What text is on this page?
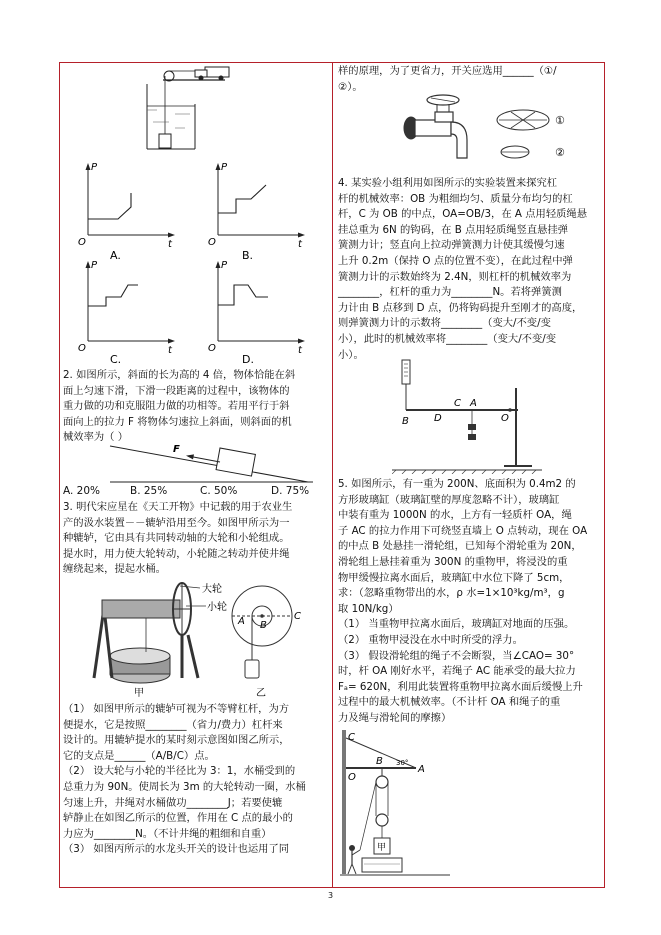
P
t
O
P
t
O
A.	B.
P
t
O
P
t
O
C.	D.

2. 如图所示，斜面的长为高的 4 倍，物体恰能在斜

面上匀速下滑，下滑一段距离的过程中，该物体的

重力做的功和克服阻力做的功相等。若用平行于斜

面向上的拉力 F 将物体匀速拉上斜面，则斜面的机

械效率为（ ）

F
A. 20%	B. 25%	C. 50%	D. 75%

3. 明代宋应星在《天工开物》中记载的用于农业生

产的汲水装置－－辘轳沿用至今。如图甲所示为一

种辘轳，它由具有共同转动轴的大轮和小轮组成。

提水时，用力使大轮转动，小轮随之转动并使井绳

缠绕起来，提起水桶。

甲
大轮
小轮
A B
C
乙

（1） 如图甲所示的辘轳可视为不等臂杠杆，为方

便提水，它是按照________（省力/费力）杠杆来

设计的。用辘轳提水的某时刻示意图如图乙所示，

它的支点是______（A/B/C）点。

（2） 设大轮与小轮的半径比为 3：1，水桶受到的

总重力为 90N。使周长为 3m 的大轮转动一圈，水桶

匀速上升，井绳对水桶做功________J；若要使辘

轳静止在如图乙所示的位置，作用在 C 点的最小的

力应为________N。（不计井绳的粗细和自重）

（3） 如图丙所示的水龙头开关的设计也运用了同

样的原理，为了更省力，开关应选用______（①/

②）。

①
②

4. 某实验小组利用如图所示的实验装置来探究杠

杆的机械效率：OB 为粗细均匀、质量分布均匀的杠

杆，C 为 OB 的中点，OA=OB/3，在 A 点用轻质绳悬

挂总重为 6N 的钩码，在 B 点用轻质绳竖直悬挂弹

簧测力计；竖直向上拉动弹簧测力计使其缓慢匀速

上升 0.2m（保持 O 点的位置不变），在此过程中弹

簧测力计的示数始终为 2.4N，则杠杆的机械效率为

________，杠杆的重力为________N。若将弹簧测

力计由 B 点移到 D 点，仍将钩码提升至刚才的高度，

则弹簧测力计的示数将________（变大/不变/变

小），此时的机械效率将________（变大/不变/变

小）。

B	D
C A
O

5. 如图所示，有一重为 200N、底面积为 0.4m2 的

方形玻璃缸（玻璃缸壁的厚度忽略不计），玻璃缸

中装有重为 1000N 的水，上方有一轻质杆 OA，绳

子 AC 的拉力作用下可绕竖直墙上 O 点转动，现在 OA

的中点 B 处悬挂一滑轮组，已知每个滑轮重为 20N，

滑轮组上悬挂着重为 300N 的重物甲，将浸没的重

物甲缓慢拉离水面后，玻璃缸中水位下降了 5cm，

求：（忽略重物带出的水，ρ 水=1×10³kg/m³，g

取 10N/kg）

（1） 当重物甲拉离水面后，玻璃缸对地面的压强。

（2） 重物甲浸没在水中时所受的浮力。

（3） 假设滑轮组的绳子不会断裂，当∠CAO= 30°

时，杆 OA 刚好水平，若绳子 AC 能承受的最大拉力

Fₐ= 620N，利用此装置将重物甲拉离水面后缓慢上升

过程中的最大机械效率。（不计杆 OA 和绳子的重

力及绳与滑轮间的摩擦）

C
O
B
A
30°
甲
3
